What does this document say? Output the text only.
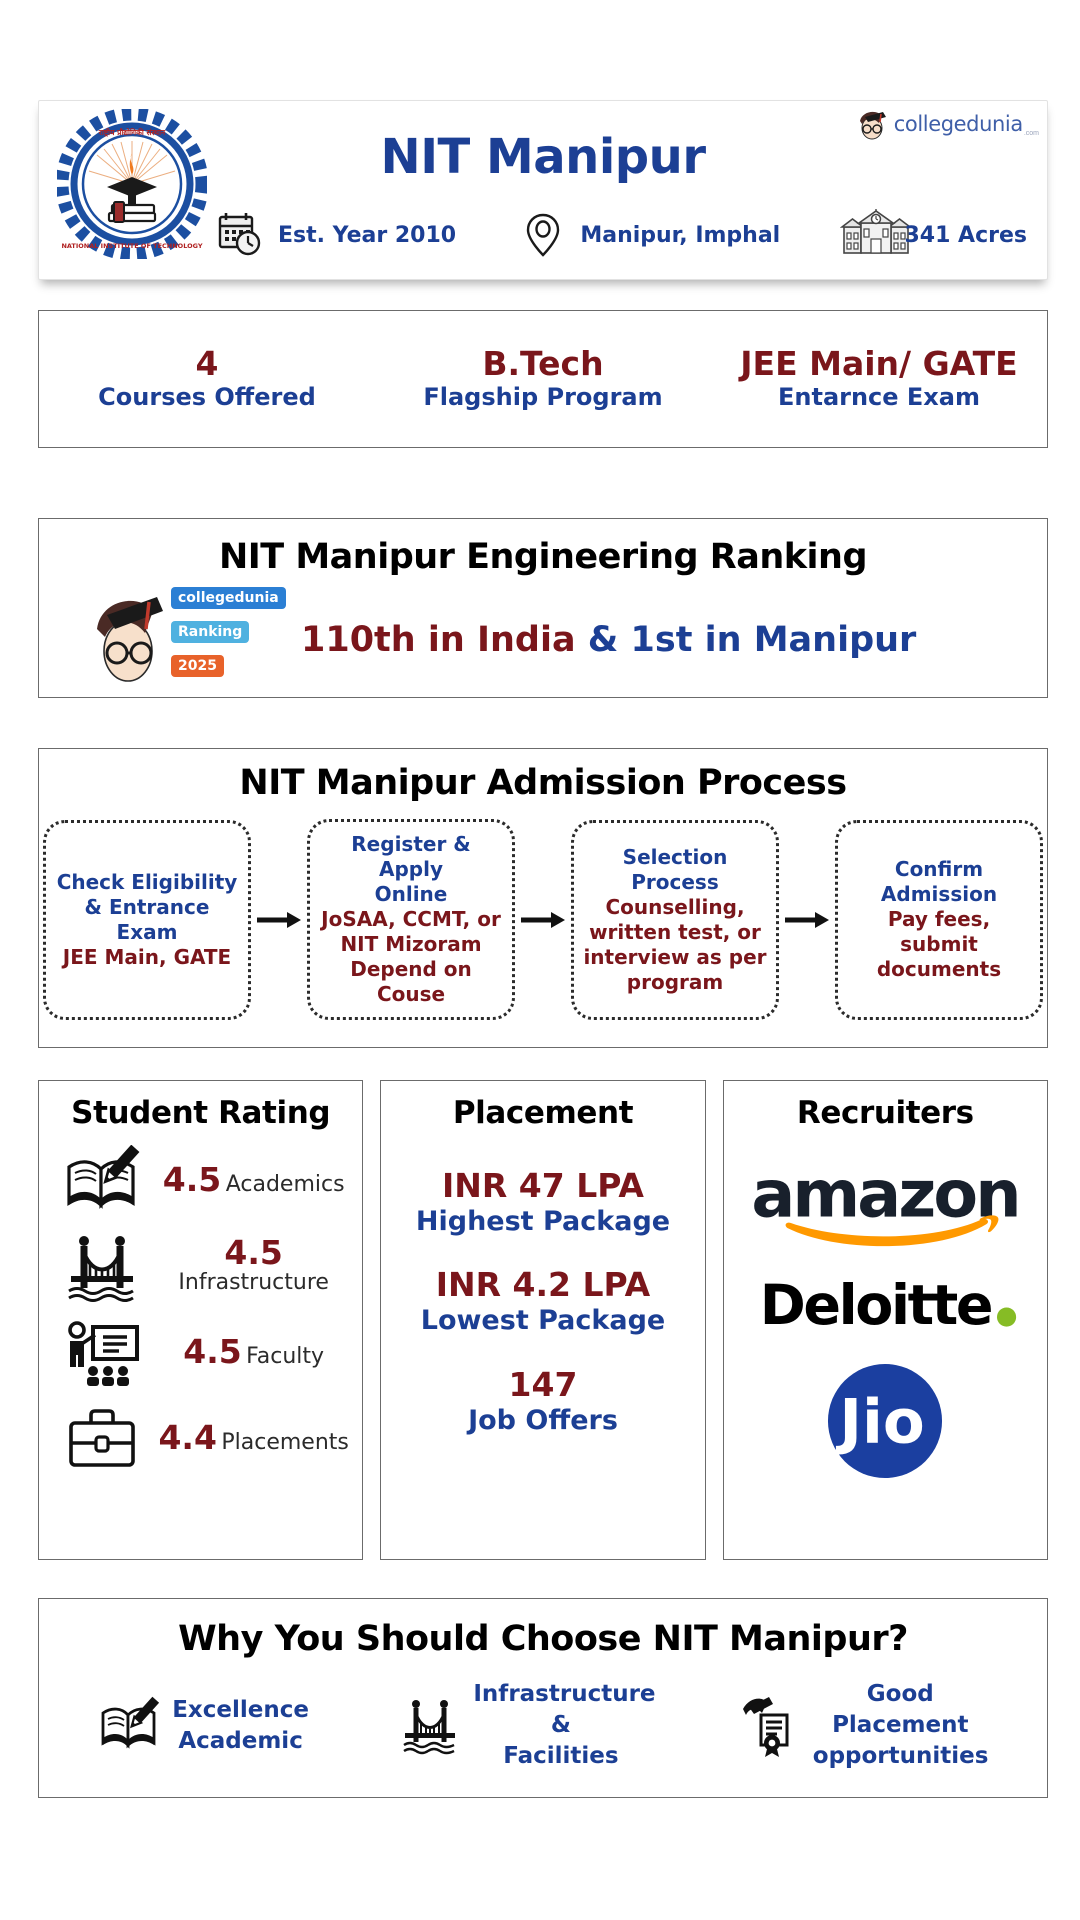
राष्ट्रीय प्रौद्योगिकी संस्थान
NATIONAL INSTITUTE OF TECHNOLOGY
collegedunia .com
NIT Manipur
Est. Year 2010	Manipur, Imphal	341 Acres
4
Courses Offered
B.Tech
Flagship Program
JEE Main/ GATE
Entarnce Exam
NIT Manipur Engineering Ranking
collegedunia
Ranking
2025
110th in India & 1st in Manipur
NIT Manipur Admission Process
Check Eligibility
& Entrance Exam
JEE Main, GATE
Register & Apply
Online
JoSAA, CCMT, or
NIT Mizoram
Depend on Couse
Selection Process
Counselling,
written test, or
interview as per
program
Confirm
Admission
Pay fees, submit
documents
Student Rating
4.5 Academics
4.5 Infrastructure
4.5 Faculty
4.4 Placements
Placement
INR 47 LPA
Highest Package
INR 4.2 LPA
Lowest Package
147
Job Offers
Recruiters
amazon
Deloitte
Jio
Why You Should Choose NIT Manipur?
Excellence
Academic
Infrastructure &
Facilities
Good Placement
opportunities
